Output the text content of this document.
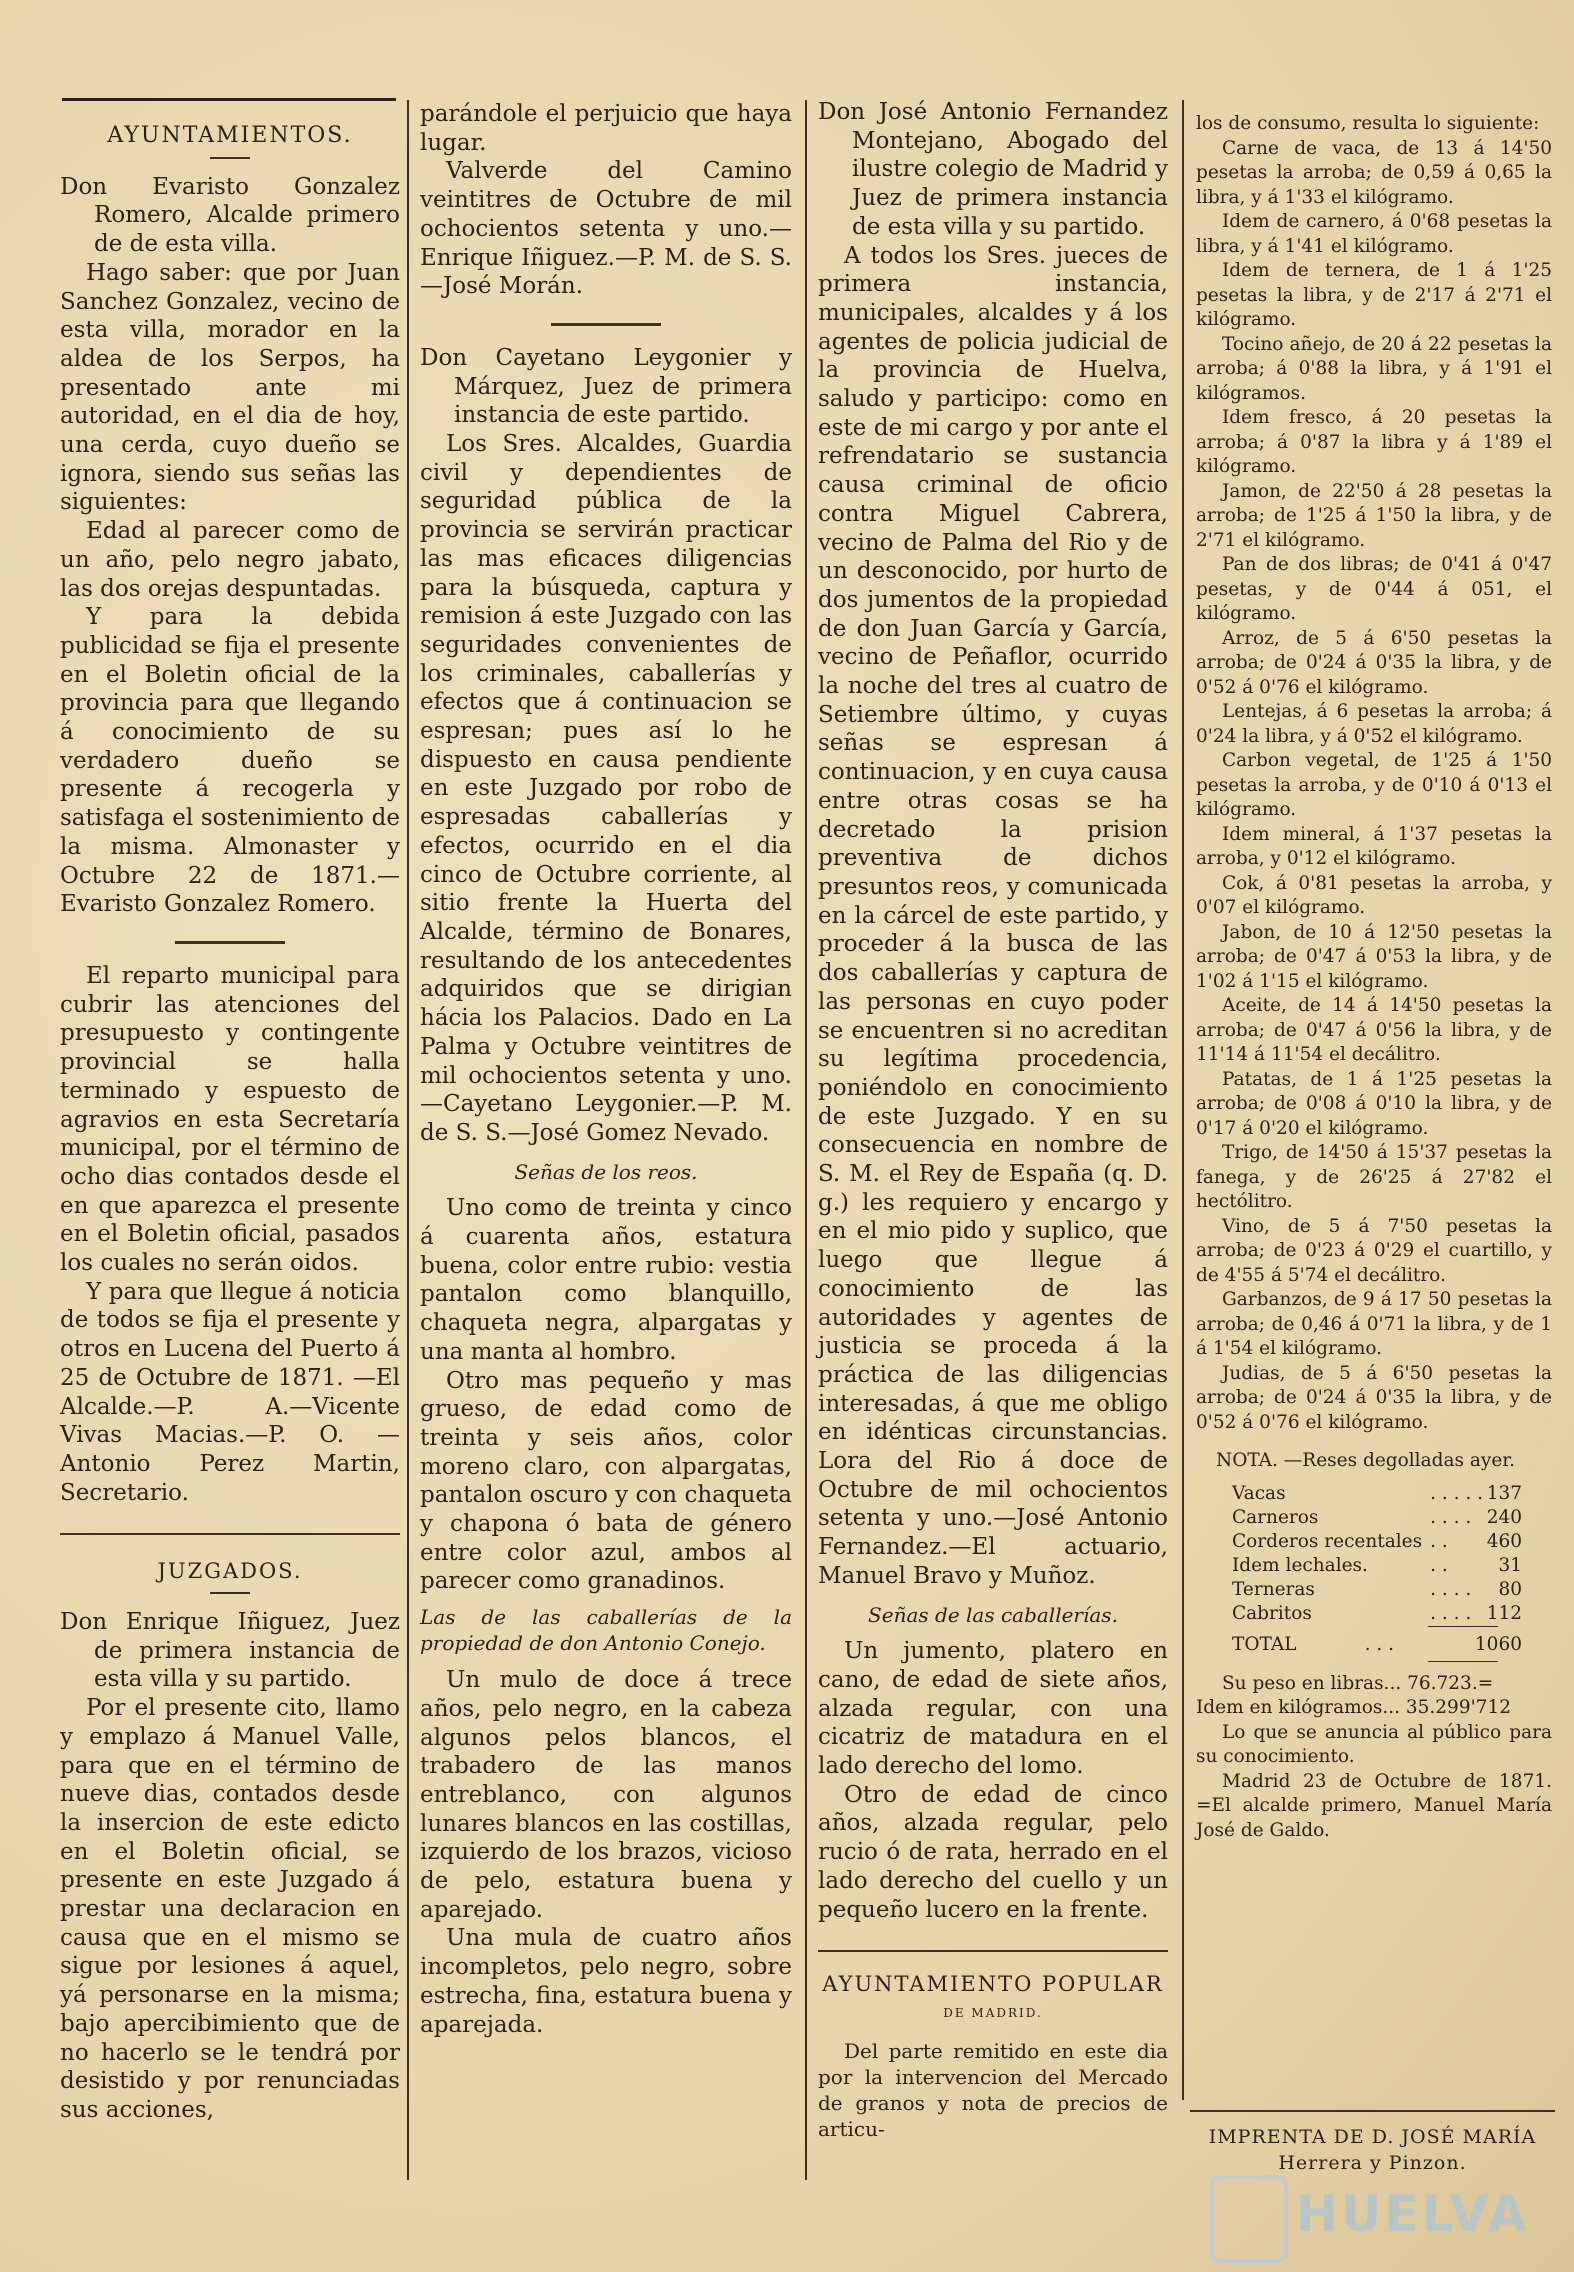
AYUNTAMIENTOS.

Don Evaristo Gonzalez Romero, Alcalde primero de de esta villa.

Hago saber: que por Juan Sanchez Gonzalez, vecino de esta villa, morador en la aldea de los Serpos, ha presentado ante mi autoridad, en el dia de hoy, una cerda, cuyo dueño se ignora, siendo sus señas las siguientes:

Edad al parecer como de un año, pelo negro jabato, las dos orejas despuntadas.

Y para la debida publicidad se fija el presente en el Boletin oficial de la provincia para que llegando á conocimiento de su verdadero dueño se presente á recogerla y satisfaga el sostenimiento de la misma. Almonaster y Octubre 22 de 1871.—Evaristo Gonzalez Romero.

El reparto municipal para cubrir las atenciones del presupuesto y contingente provincial se halla terminado y espuesto de agravios en esta Secretaría municipal, por el término de ocho dias contados desde el en que aparezca el presente en el Boletin oficial, pasados los cuales no serán oidos.

Y para que llegue á noticia de todos se fija el presente y otros en Lucena del Puerto á 25 de Octubre de 1871. —El Alcalde.—P. A.—Vicente Vivas Macias.—P. O. —Antonio Perez Martin, Secretario.

JUZGADOS.

Don Enrique Iñiguez, Juez de primera instancia de esta villa y su partido.

Por el presente cito, llamo y emplazo á Manuel Valle, para que en el término de nueve dias, contados desde la insercion de este edicto en el Boletin oficial, se presente en este Juzgado á prestar una declaracion en causa que en el mismo se sigue por lesiones á aquel, yá personarse en la misma; bajo apercibimiento que de no hacerlo se le tendrá por desistido y por renunciadas sus acciones,

parándole el perjuicio que haya lugar.

Valverde del Camino veintitres de Octubre de mil ochocientos setenta y uno.—Enrique Iñiguez.—P. M. de S. S.—José Morán.

Don Cayetano Leygonier y Márquez, Juez de primera instancia de este partido.

Los Sres. Alcaldes, Guardia civil y dependientes de seguridad pública de la provincia se servirán practicar las mas eficaces diligencias para la búsqueda, captura y remision á este Juzgado con las seguridades convenientes de los criminales, caballerías y efectos que á continuacion se espresan; pues así lo he dispuesto en causa pendiente en este Juzgado por robo de espresadas caballerías y efectos, ocurrido en el dia cinco de Octubre corriente, al sitio frente la Huerta del Alcalde, término de Bonares, resultando de los antecedentes adquiridos que se dirigian hácia los Palacios. Dado en La Palma y Octubre veintitres de mil ochocientos setenta y uno.—Cayetano Leygonier.—P. M. de S. S.—José Gomez Nevado.

Señas de los reos.

Uno como de treinta y cinco á cuarenta años, estatura buena, color entre rubio: vestia pantalon como blanquillo, chaqueta negra, alpargatas y una manta al hombro.

Otro mas pequeño y mas grueso, de edad como de treinta y seis años, color moreno claro, con alpargatas, pantalon oscuro y con chaqueta y chapona ó bata de género entre color azul, ambos al parecer como granadinos.

Las de las caballerías de la propiedad de don Antonio Conejo.

Un mulo de doce á trece años, pelo negro, en la cabeza algunos pelos blancos, el trabadero de las manos entreblanco, con algunos lunares blancos en las costillas, izquierdo de los brazos, vicioso de pelo, estatura buena y aparejado.

Una mula de cuatro años incompletos, pelo negro, sobre estrecha, fina, estatura buena y aparejada.

Don José Antonio Fernandez Montejano, Abogado del ilustre colegio de Madrid y Juez de primera instancia de esta villa y su partido.

A todos los Sres. jueces de primera instancia, municipales, alcaldes y á los agentes de policia judicial de la provincia de Huelva, saludo y participo: como en este de mi cargo y por ante el refrendatario se sustancia causa criminal de oficio contra Miguel Cabrera, vecino de Palma del Rio y de un desconocido, por hurto de dos jumentos de la propiedad de don Juan García y García, vecino de Peñaflor, ocurrido la noche del tres al cuatro de Setiembre último, y cuyas señas se espresan á continuacion, y en cuya causa entre otras cosas se ha decretado la prision preventiva de dichos presuntos reos, y comunicada en la cárcel de este partido, y proceder á la busca de las dos caballerías y captura de las personas en cuyo poder se encuentren si no acreditan su legítima procedencia, poniéndolo en conocimiento de este Juzgado. Y en su consecuencia en nombre de S. M. el Rey de España (q. D. g.) les requiero y encargo y en el mio pido y suplico, que luego que llegue á conocimiento de las autoridades y agentes de justicia se proceda á la práctica de las diligencias interesadas, á que me obligo en idénticas circunstancias. Lora del Rio á doce de Octubre de mil ochocientos setenta y uno.—José Antonio Fernandez.—El actuario, Manuel Bravo y Muñoz.

Señas de las caballerías.

Un jumento, platero en cano, de edad de siete años, alzada regular, con una cicatriz de matadura en el lado derecho del lomo.

Otro de edad de cinco años, alzada regular, pelo rucio ó de rata, herrado en el lado derecho del cuello y un pequeño lucero en la frente.

AYUNTAMIENTO POPULAR
DE MADRID.

Del parte remitido en este dia por la intervencion del Mercado de granos y nota de precios de articu-

los de consumo, resulta lo siguiente:

Carne de vaca, de 13 á 14'50 pesetas la arroba; de 0,59 á 0,65 la libra, y á 1'33 el kilógramo.

Idem de carnero, á 0'68 pesetas la libra, y á 1'41 el kilógramo.

Idem de ternera, de 1 á 1'25 pesetas la libra, y de 2'17 á 2'71 el kilógramo.

Tocino añejo, de 20 á 22 pesetas la arroba; á 0'88 la libra, y á 1'91 el kilógramos.

Idem fresco, á 20 pesetas la arroba; á 0'87 la libra y á 1'89 el kilógramo.

Jamon, de 22'50 á 28 pesetas la arroba; de 1'25 á 1'50 la libra, y de 2'71 el kilógramo.

Pan de dos libras; de 0'41 á 0'47 pesetas, y de 0'44 á 051, el kilógramo.

Arroz, de 5 á 6'50 pesetas la arroba; de 0'24 á 0'35 la libra, y de 0'52 á 0'76 el kilógramo.

Lentejas, á 6 pesetas la arroba; á 0'24 la libra, y á 0'52 el kilógramo.

Carbon vegetal, de 1'25 á 1'50 pesetas la arroba, y de 0'10 á 0'13 el kilógramo.

Idem mineral, á 1'37 pesetas la arroba, y 0'12 el kilógramo.

Cok, á 0'81 pesetas la arroba, y 0'07 el kilógramo.

Jabon, de 10 á 12'50 pesetas la arroba; de 0'47 á 0'53 la libra, y de 1'02 á 1'15 el kilógramo.

Aceite, de 14 á 14'50 pesetas la arroba; de 0'47 á 0'56 la libra, y de 11'14 á 11'54 el decálitro.

Patatas, de 1 á 1'25 pesetas la arroba; de 0'08 á 0'10 la libra, y de 0'17 á 0'20 el kilógramo.

Trigo, de 14'50 á 15'37 pesetas la fanega, y de 26'25 á 27'82 el hectólitro.

Vino, de 5 á 7'50 pesetas la arroba; de 0'23 á 0'29 el cuartillo, y de 4'55 á 5'74 el decálitro.

Garbanzos, de 9 á 17 50 pesetas la arroba; de 0,46 á 0'71 la libra, y de 1 á 1'54 el kilógramo.

Judias, de 5 á 6'50 pesetas la arroba; de 0'24 á 0'35 la libra, y de 0'52 á 0'76 el kilógramo.

NOTA. —Reses degolladas ayer.

Vacas	. . . . .	137
Carneros	. . . .	240
Corderos recentales	. .	460
Idem lechales.	. .	31
Terneras	. . . .	80
Cabritos	. . . .	112
TOTAL	. . .	1060

Su peso en libras... 76.723.=

Idem en kilógramos... 35.299'712

Lo que se anuncia al público para su conocimiento.

Madrid 23 de Octubre de 1871. =El alcalde primero, Manuel María José de Galdo.

IMPRENTA DE D. JOSÉ MARÍA Herrera y Pinzon.
HUELVA
